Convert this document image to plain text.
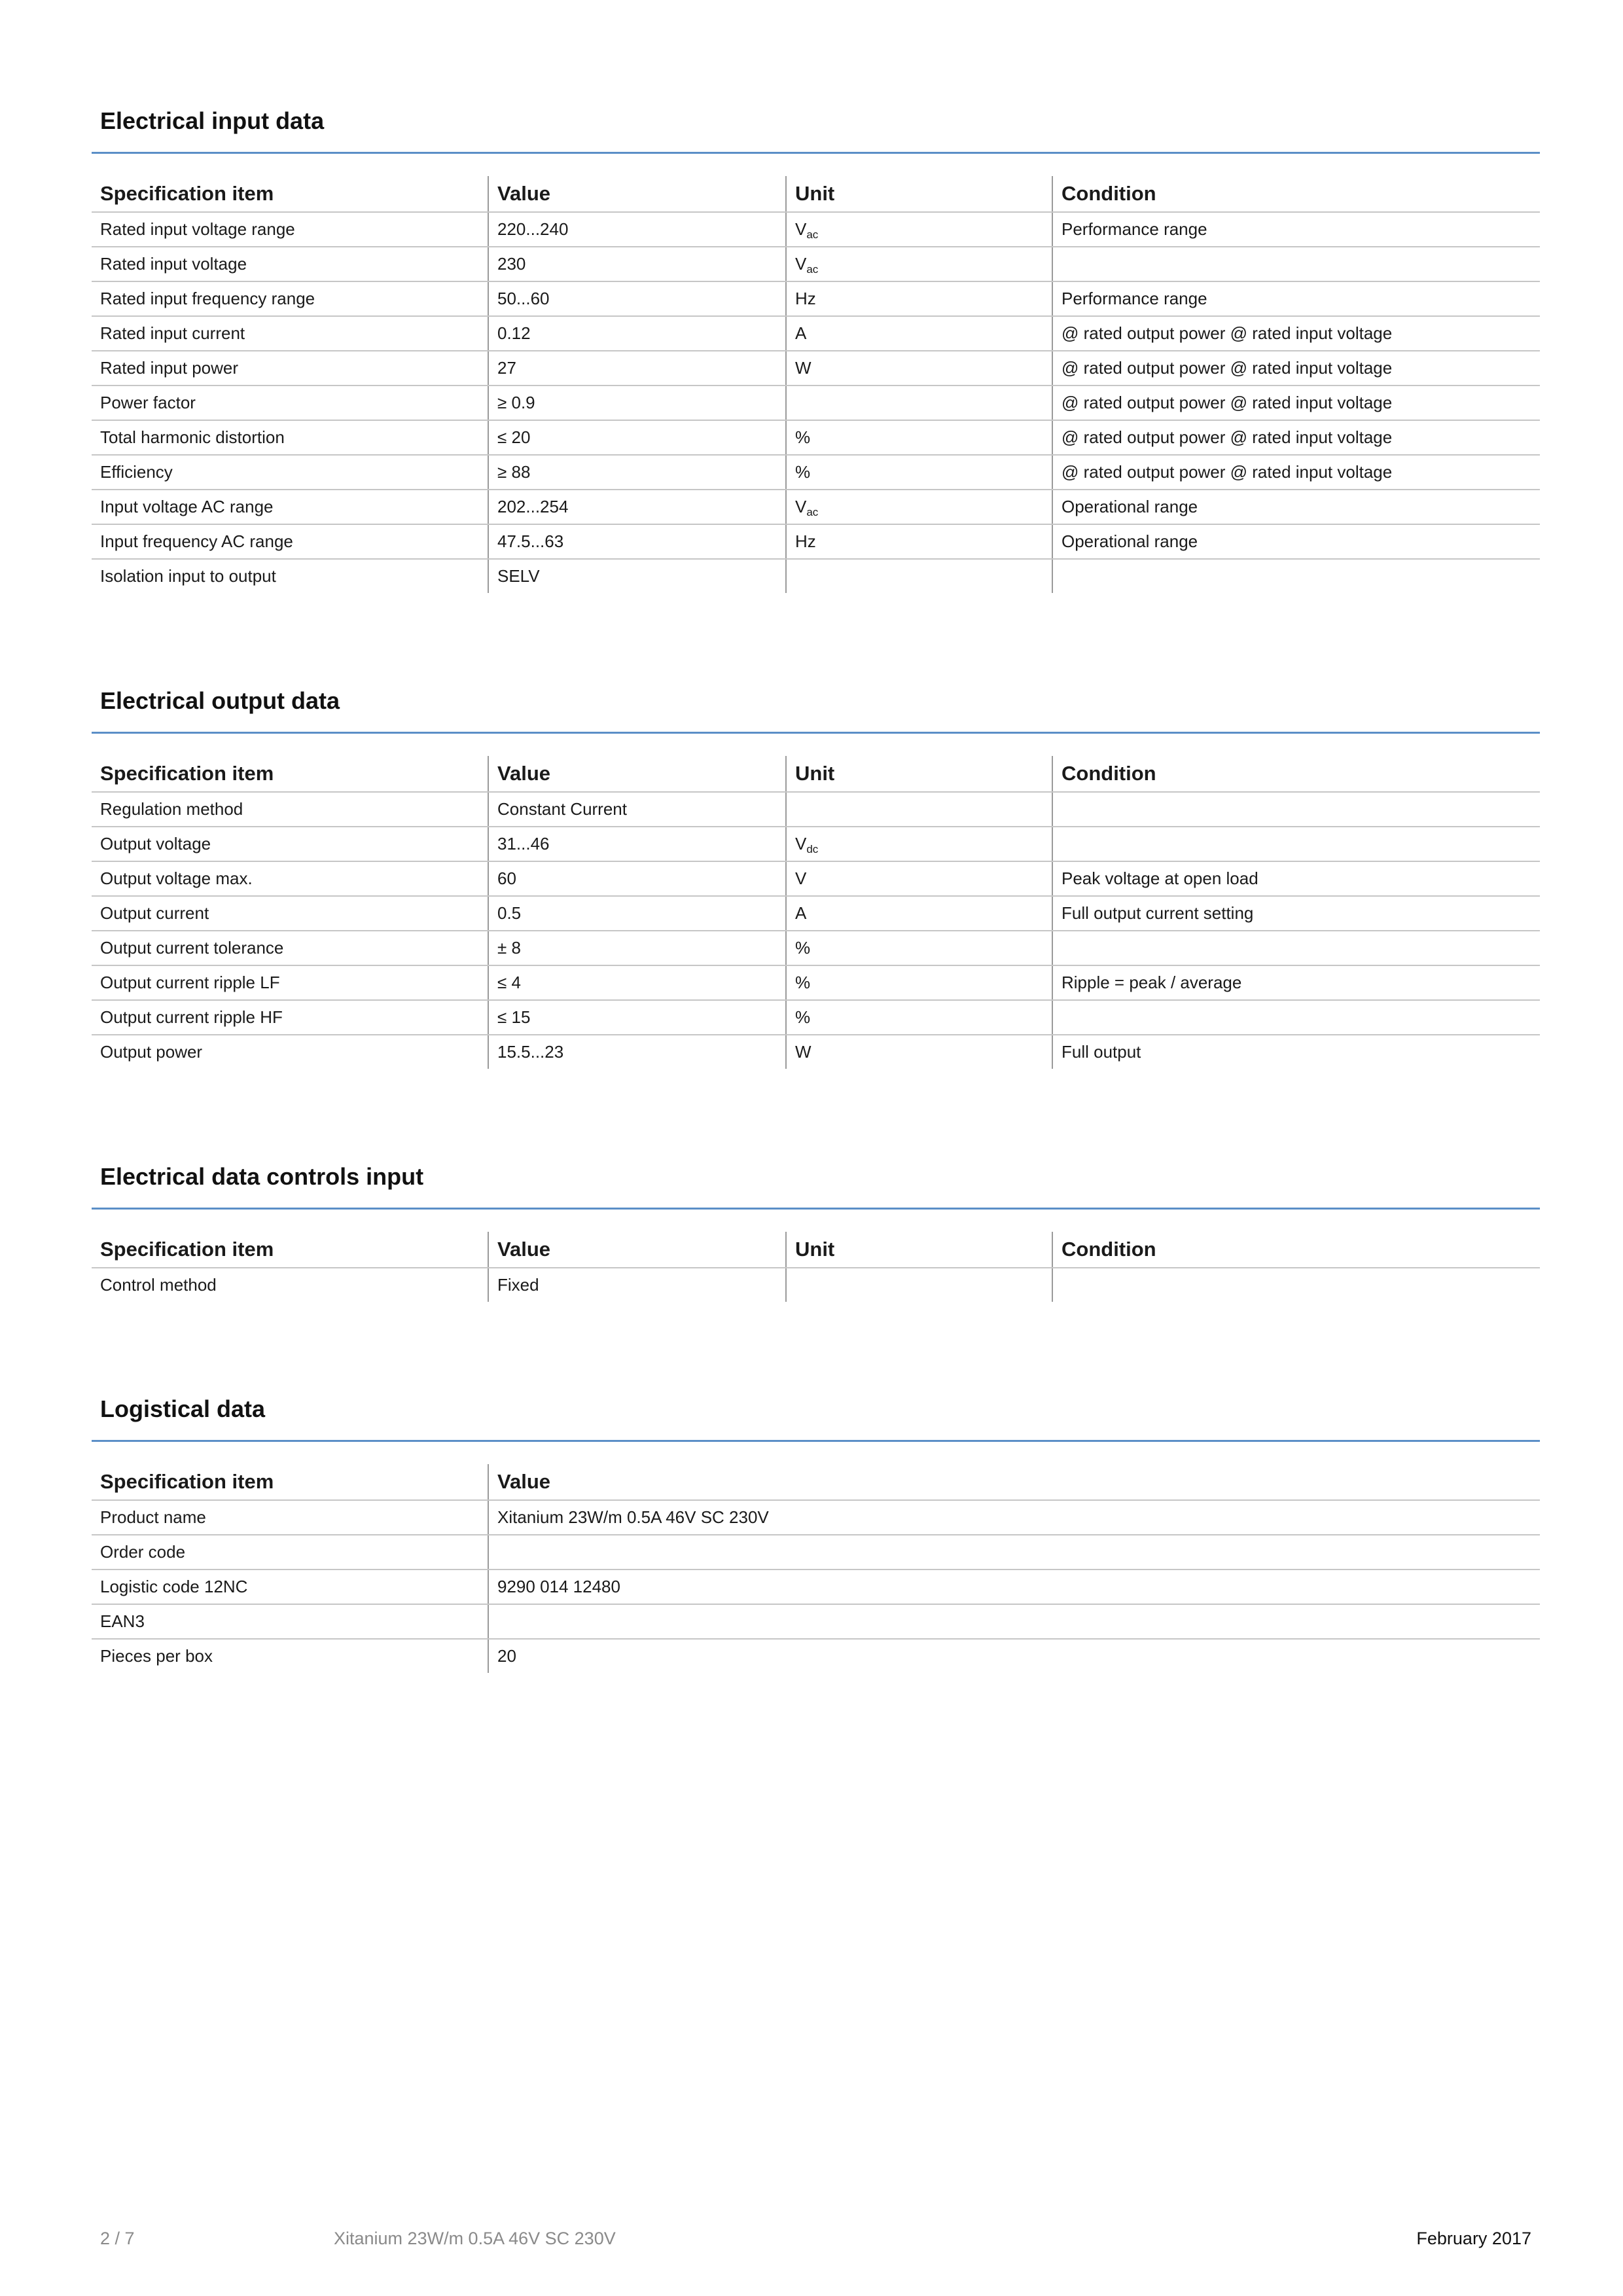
Electrical input data
Specification item	Value	Unit	Condition
Rated input voltage range	220...240	$V_{ac}$	Performance range
Rated input voltage	230	$V_{ac}$	
Rated input frequency range	50...60	Hz	Performance range
Rated input current	0.12	A	@ rated output power @ rated input voltage
Rated input power	27	W	@ rated output power @ rated input voltage
Power factor	≥ 0.9		@ rated output power @ rated input voltage
Total harmonic distortion	≤ 20	%	@ rated output power @ rated input voltage
Efficiency	≥ 88	%	@ rated output power @ rated input voltage
Input voltage AC range	202...254	$V_{ac}$	Operational range
Input frequency AC range	47.5...63	Hz	Operational range
Isolation input to output	SELV		
Electrical output data
Specification item	Value	Unit	Condition
Regulation method	Constant Current		
Output voltage	31...46	$V_{dc}$	
Output voltage max.	60	V	Peak voltage at open load
Output current	0.5	A	Full output current setting
Output current tolerance	± 8	%	
Output current ripple LF	≤ 4	%	Ripple = peak / average
Output current ripple HF	≤ 15	%	
Output power	15.5...23	W	Full output
Electrical data controls input
Specification item	Value	Unit	Condition
Control method	Fixed		
Logistical data
Specification item	Value
Product name	Xitanium 23W/m 0.5A 46V SC 230V
Order code	
Logistic code 12NC	9290 014 12480
EAN3	
Pieces per box	20
2 / 7	Xitanium 23W/m 0.5A 46V SC 230V	February 2017
